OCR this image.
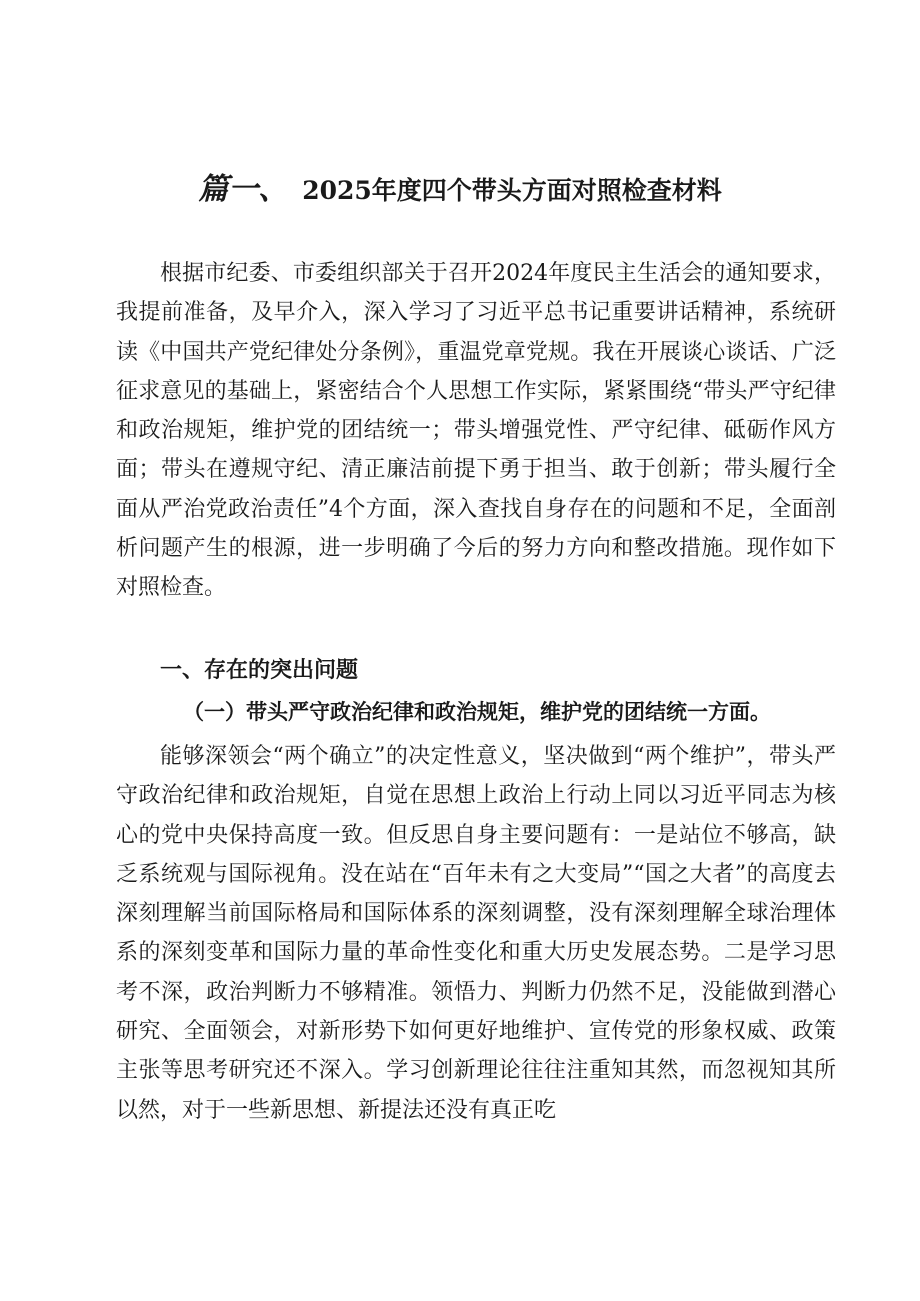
篇一、 2025年度四个带头方面对照检查材料

根据市纪委、市委组织部关于召开2024年度民主生活会的通知要求，我提前准备，及早介入，深入学习了习近平总书记重要讲话精神，系统研读《中国共产党纪律处分条例》，重温党章党规。我在开展谈心谈话、广泛征求意见的基础上，紧密结合个人思想工作实际，紧紧围绕“带头严守纪律和政治规矩，维护党的团结统一；带头增强党性、严守纪律、砥砺作风方面；带头在遵规守纪、清正廉洁前提下勇于担当、敢于创新；带头履行全面从严治党政治责任”4个方面，深入查找自身存在的问题和不足，全面剖析问题产生的根源，进一步明确了今后的努力方向和整改措施。现作如下对照检查。

一、存在的突出问题
（一）带头严守政治纪律和政治规矩，维护党的团结统一方面。

能够深领会“两个确立”的决定性意义，坚决做到“两个维护”，带头严守政治纪律和政治规矩，自觉在思想上政治上行动上同以习近平同志为核心的党中央保持高度一致。但反思自身主要问题有：一是站位不够高，缺乏系统观与国际视角。没在站在“百年未有之大变局”“国之大者”的高度去深刻理解当前国际格局和国际体系的深刻调整，没有深刻理解全球治理体系的深刻变革和国际力量的革命性变化和重大历史发展态势。二是学习思考不深，政治判断力不够精准。领悟力、判断力仍然不足，没能做到潜心研究、全面领会，对新形势下如何更好地维护、宣传党的形象权威、政策主张等思考研究还不深入。学习创新理论往往注重知其然，而忽视知其所以然，对于一些新思想、新提法还没有真正吃
